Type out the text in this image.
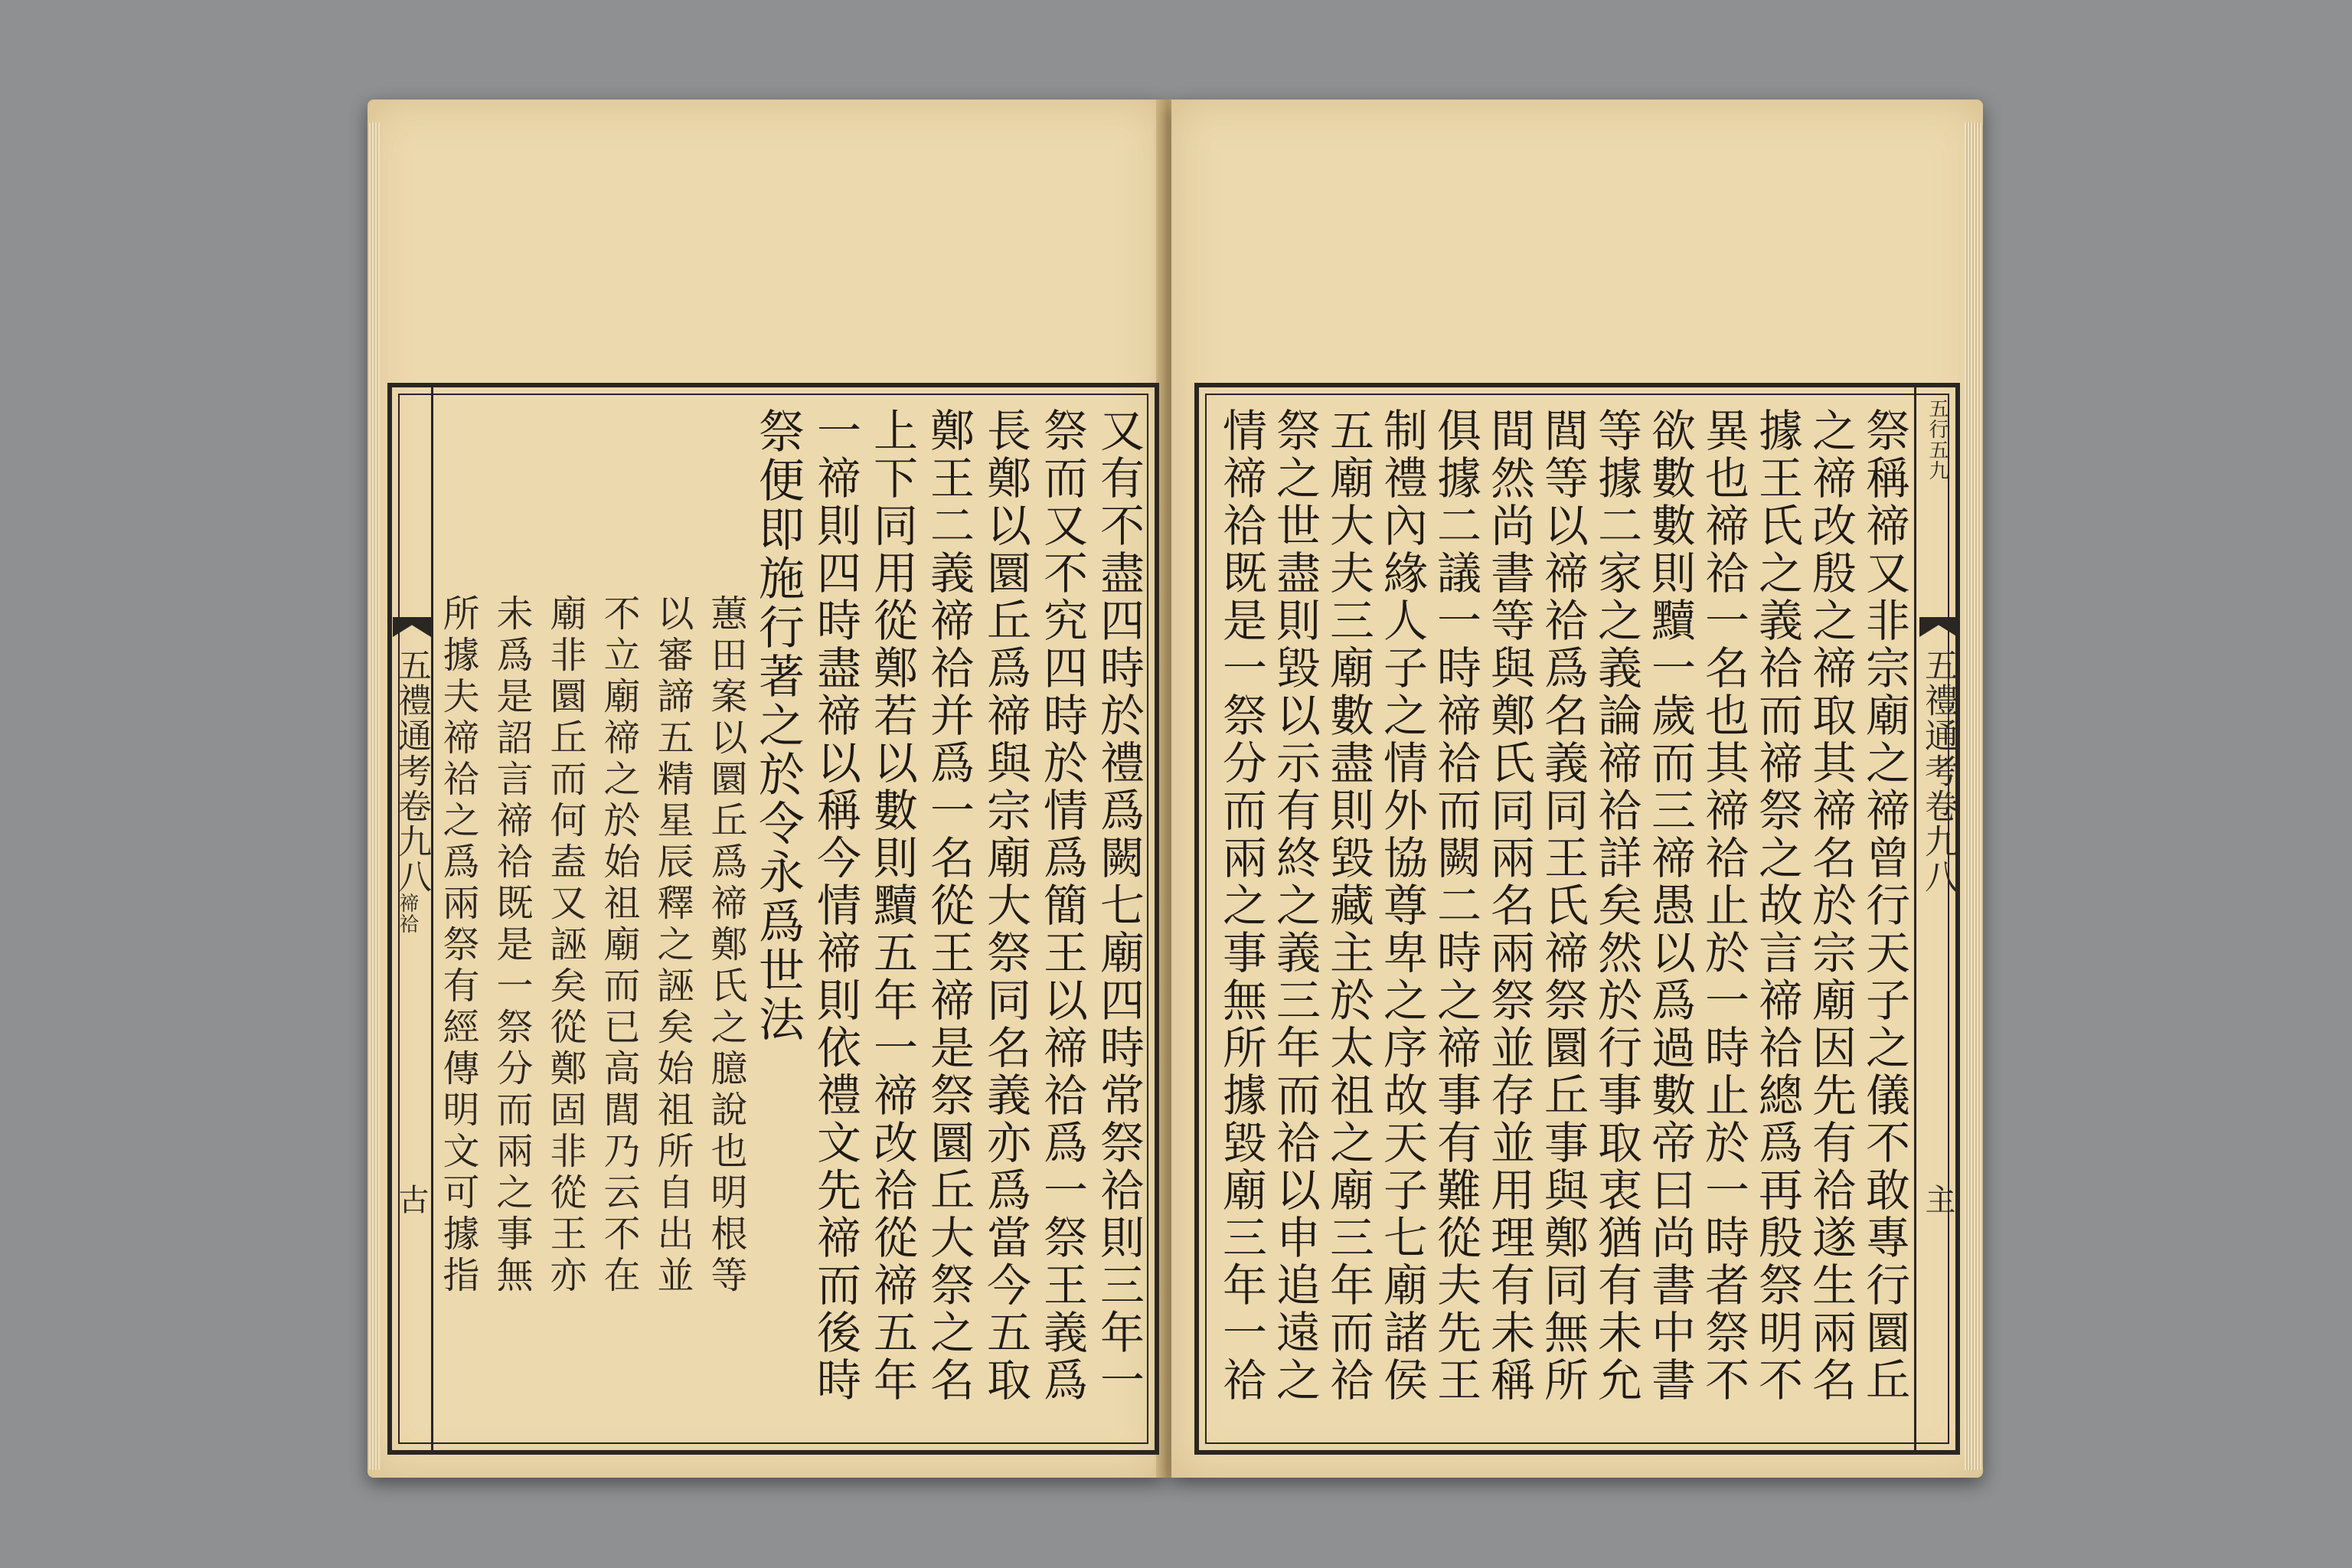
又有不盡四時於禮爲闕七廟四時常祭祫則三年一
祭而又不究四時於情爲簡王以禘祫爲一祭王義爲
長鄭以圜丘爲禘與宗廟大祭同名義亦爲當今五取
鄭王二義禘祫并爲一名從王禘是祭圜丘大祭之名
上下同用從鄭若以數則黷五年一禘改祫從禘五年
一禘則四時盡禘以稱今情禘則依禮文先禘而後時
祭便即施行著之於令永爲世法
蕙田案以圜丘爲禘鄭氏之臆說也明根等
以審諦五精星辰釋之誣矣始祖所自出並
不立廟禘之於始祖廟而已高閭乃云不在
廟非圜丘而何盍又誣矣從鄭固非從王亦
未爲是詔言禘祫既是一祭分而兩之事無
所據夫禘祫之爲兩祭有經傳明文可據指
五禮通考卷九八
禘祫
古
五行五九
五禮通考卷九八
主
祭稱禘又非宗廟之禘曾行天子之儀不敢專行圜丘
之禘改殷之禘取其禘名於宗廟因先有祫遂生兩名
據王氏之義祫而禘祭之故言禘祫總爲再殷祭明不
異也禘祫一名也其禘祫止於一時止於一時者祭不
欲數數則黷一歲而三禘愚以爲過數帝曰尚書中書
等據二家之義論禘祫詳矣然於行事取衷猶有未允
閭等以禘祫爲名義同王氏禘祭圜丘事與鄭同無所
間然尚書等與鄭氏同兩名兩祭並存並用理有未稱
俱據二議一時禘祫而闕二時之禘事有難從夫先王
制禮內緣人子之情外協尊卑之序故天子七廟諸侯
五廟大夫三廟數盡則毀藏主於太祖之廟三年而祫
祭之世盡則毀以示有終之義三年而祫以申追遠之
情禘祫既是一祭分而兩之事無所據毀廟三年一祫
